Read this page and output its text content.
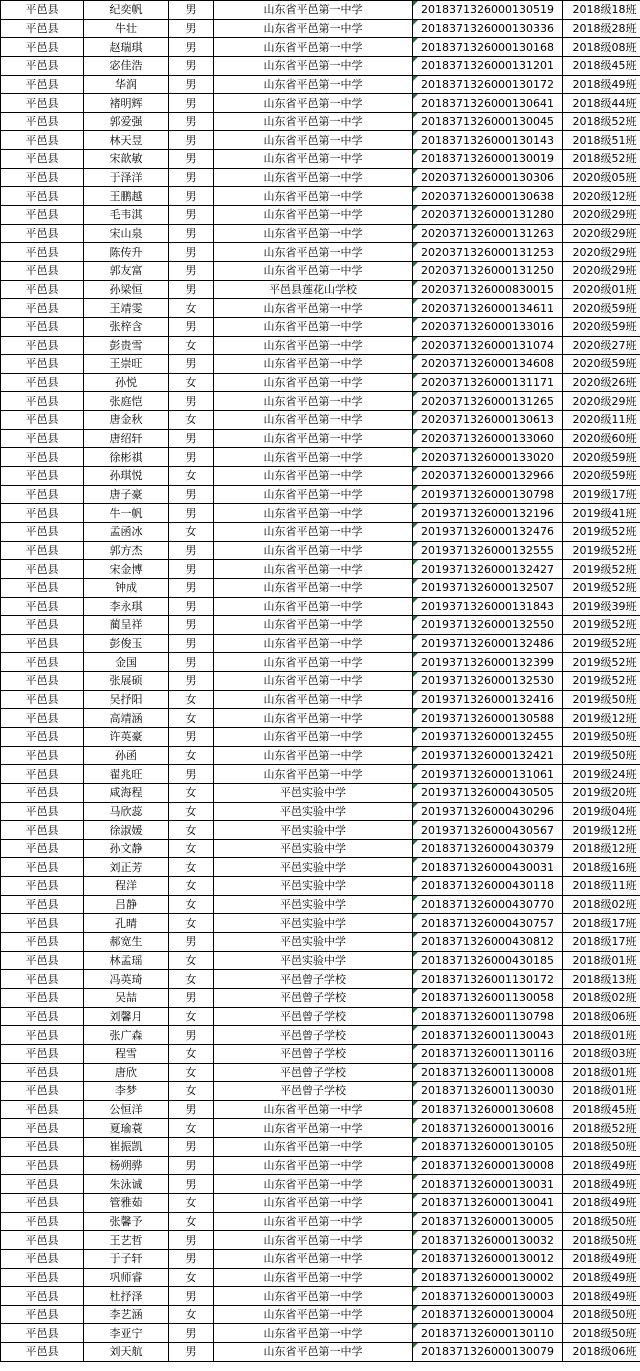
平邑县	纪奕帆	男	山东省平邑第一中学	2018371326000130519	2018级18班
平邑县	牛壮	男	山东省平邑第一中学	2018371326000130336	2018级28班
平邑县	赵瑞琪	男	山东省平邑第一中学	2018371326000130168	2018级08班
平邑县	宓佳浩	男	山东省平邑第一中学	2018371326000131201	2018级45班
平邑县	华润	男	山东省平邑第一中学	2018371326000130172	2018级49班
平邑县	褚明辉	男	山东省平邑第一中学	2018371326000130641	2018级44班
平邑县	郭爱强	男	山东省平邑第一中学	2018371326000130045	2018级52班
平邑县	林天昱	男	山东省平邑第一中学	2018371326000130143	2018级51班
平邑县	宋歆敏	男	山东省平邑第一中学	2018371326000130019	2018级52班
平邑县	于泽洋	男	山东省平邑第一中学	2020371326000130306	2020级05班
平邑县	王鹏越	男	山东省平邑第一中学	2020371326000130638	2020级12班
平邑县	毛韦淇	男	山东省平邑第一中学	2020371326000131280	2020级29班
平邑县	宋山泉	男	山东省平邑第一中学	2020371326000131263	2020级29班
平邑县	陈传升	男	山东省平邑第一中学	2020371326000131253	2020级29班
平邑县	郭友富	男	山东省平邑第一中学	2020371326000131250	2020级29班
平邑县	孙梁恒	男	平邑县莲花山学校	2020371326000830015	2020级01班
平邑县	王靖雯	女	山东省平邑第一中学	2020371326000134611	2020级59班
平邑县	张梓含	男	山东省平邑第一中学	2020371326000133016	2020级59班
平邑县	彭贵雪	女	山东省平邑第一中学	2020371326000131074	2020级27班
平邑县	王崇旺	男	山东省平邑第一中学	2020371326000134608	2020级59班
平邑县	孙悦	女	山东省平邑第一中学	2020371326000131171	2020级26班
平邑县	张庭恺	男	山东省平邑第一中学	2020371326000131265	2020级29班
平邑县	唐金秋	女	山东省平邑第一中学	2020371326000130613	2020级11班
平邑县	唐绍轩	男	山东省平邑第一中学	2020371326000133060	2020级60班
平邑县	徐彬祺	男	山东省平邑第一中学	2020371326000133020	2020级59班
平邑县	孙琪悦	女	山东省平邑第一中学	2020371326000132966	2020级59班
平邑县	唐子豪	男	山东省平邑第一中学	2019371326000130798	2019级17班
平邑县	牛一帆	男	山东省平邑第一中学	2019371326000132196	2019级41班
平邑县	孟函冰	女	山东省平邑第一中学	2019371326000132476	2019级52班
平邑县	郭方杰	男	山东省平邑第一中学	2019371326000132555	2019级52班
平邑县	宋金博	男	山东省平邑第一中学	2019371326000132427	2019级52班
平邑县	钟成	男	山东省平邑第一中学	2019371326000132507	2019级52班
平邑县	李永琪	男	山东省平邑第一中学	2019371326000131843	2019级39班
平邑县	蔺呈祥	男	山东省平邑第一中学	2019371326000132550	2019级52班
平邑县	彭俊玉	男	山东省平邑第一中学	2019371326000132486	2019级52班
平邑县	金国	男	山东省平邑第一中学	2019371326000132399	2019级52班
平邑县	张展硕	男	山东省平邑第一中学	2019371326000132530	2019级52班
平邑县	吴抒阳	女	山东省平邑第一中学	2019371326000132416	2019级50班
平邑县	高靖涵	女	山东省平邑第一中学	2019371326000130588	2019级12班
平邑县	许英豪	男	山东省平邑第一中学	2019371326000132455	2019级50班
平邑县	孙函	女	山东省平邑第一中学	2019371326000132421	2019级50班
平邑县	翟兆旺	男	山东省平邑第一中学	2019371326000131061	2019级24班
平邑县	咸海程	女	平邑实验中学	2019371326000430505	2019级20班
平邑县	马欣蕊	女	平邑实验中学	2019371326000430296	2019级04班
平邑县	徐淑媛	女	平邑实验中学	2019371326000430567	2019级12班
平邑县	孙文静	女	平邑实验中学	2018371326000430379	2018级12班
平邑县	刘正芳	女	平邑实验中学	2018371326000430031	2018级16班
平邑县	程洋	女	平邑实验中学	2018371326000430118	2018级11班
平邑县	吕静	女	平邑实验中学	2018371326000430770	2018级02班
平邑县	孔晴	女	平邑实验中学	2018371326000430757	2018级17班
平邑县	郝宽生	男	平邑实验中学	2018371326000430812	2018级17班
平邑县	林孟瑶	女	平邑实验中学	2018371326000430185	2018级01班
平邑县	冯英琦	女	平邑曾子学校	2018371326001130172	2018级13班
平邑县	吴喆	男	平邑曾子学校	2018371326001130058	2018级02班
平邑县	刘馨月	女	平邑曾子学校	2018371326001130798	2018级06班
平邑县	张广森	男	平邑曾子学校	2018371326001130043	2018级01班
平邑县	程雪	女	平邑曾子学校	2018371326001130116	2018级03班
平邑县	唐欣	女	平邑曾子学校	2018371326001130008	2018级01班
平邑县	李梦	女	平邑曾子学校	2018371326001130030	2018级01班
平邑县	公恒洋	男	山东省平邑第一中学	2018371326000130608	2018级45班
平邑县	夏瑜蓑	女	山东省平邑第一中学	2018371326000130016	2018级52班
平邑县	崔振凯	男	山东省平邑第一中学	2018371326000130105	2018级50班
平邑县	杨朔骅	男	山东省平邑第一中学	2018371326000130008	2018级49班
平邑县	朱泳诚	男	山东省平邑第一中学	2018371326000130031	2018级49班
平邑县	管雅茹	女	山东省平邑第一中学	2018371326000130041	2018级49班
平邑县	张馨予	女	山东省平邑第一中学	2018371326000130005	2018级50班
平邑县	王艺哲	男	山东省平邑第一中学	2018371326000130032	2018级50班
平邑县	于子轩	男	山东省平邑第一中学	2018371326000130012	2018级49班
平邑县	巩师睿	女	山东省平邑第一中学	2018371326000130002	2018级49班
平邑县	杜抒泽	男	山东省平邑第一中学	2018371326000130003	2018级49班
平邑县	李艺涵	女	山东省平邑第一中学	2018371326000130004	2018级50班
平邑县	李亚宁	男	山东省平邑第一中学	2018371326000130110	2018级50班
平邑县	刘天航	男	山东省平邑第一中学	2018371326000130079	2018级06班
